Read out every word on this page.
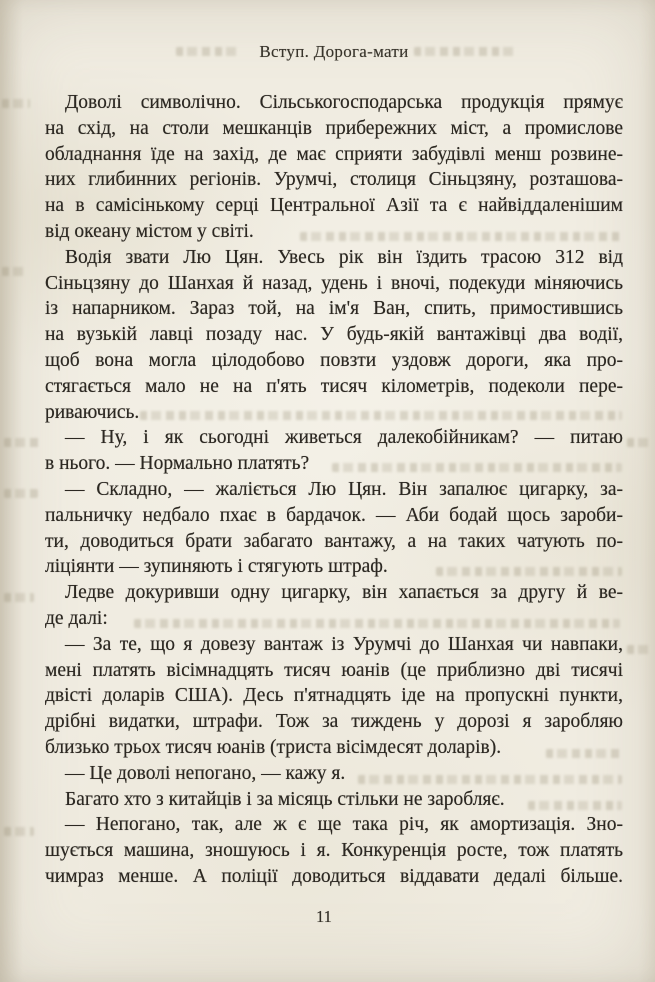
Вступ. Дорога-мати
Доволі символічно. Сільськогосподарська продукція прямує
на схід, на столи мешканців прибережних міст, а промислове
обладнання їде на захід, де має сприяти забудівлі менш розвине-
них глибинних регіонів. Урумчі, столиця Сіньцзяну, розташова-
на в самісінькому серці Центральної Азії та є найвіддаленішим
від океану містом у світі.
Водія звати Лю Цян. Увесь рік він їздить трасою 312 від
Сіньцзяну до Шанхая й назад, удень і вночі, подекуди міняючись
із напарником. Зараз той, на ім'я Ван, спить, примостившись
на вузькій лавці позаду нас. У будь-якій вантажівці два водії,
щоб вона могла цілодобово повзти уздовж дороги, яка про-
стягається мало не на п'ять тисяч кілометрів, подеколи пере-
риваючись.
— Ну, і як сьогодні живеться далекобійникам? — питаю
в нього. — Нормально платять?
— Складно, — жаліється Лю Цян. Він запалює цигарку, за-
пальничку недбало пхає в бардачок. — Аби бодай щось зароби-
ти, доводиться брати забагато вантажу, а на таких чатують по-
ліціянти — зупиняють і стягують штраф.
Ледве докуривши одну цигарку, він хапається за другу й ве-
де далі:
— За те, що я довезу вантаж із Урумчі до Шанхая чи навпаки,
мені платять вісімнадцять тисяч юанів (це приблизно дві тисячі
двісті доларів США). Десь п'ятнадцять іде на пропускні пункти,
дрібні видатки, штрафи. Тож за тиждень у дорозі я заробляю
близько трьох тисяч юанів (триста вісімдесят доларів).
— Це доволі непогано, — кажу я.
Багато хто з китайців і за місяць стільки не заробляє.
— Непогано, так, але ж є ще така річ, як амортизація. Зно-
шується машина, зношуюсь і я. Конкуренція росте, тож платять
чимраз менше. А поліції доводиться віддавати дедалі більше.
11
